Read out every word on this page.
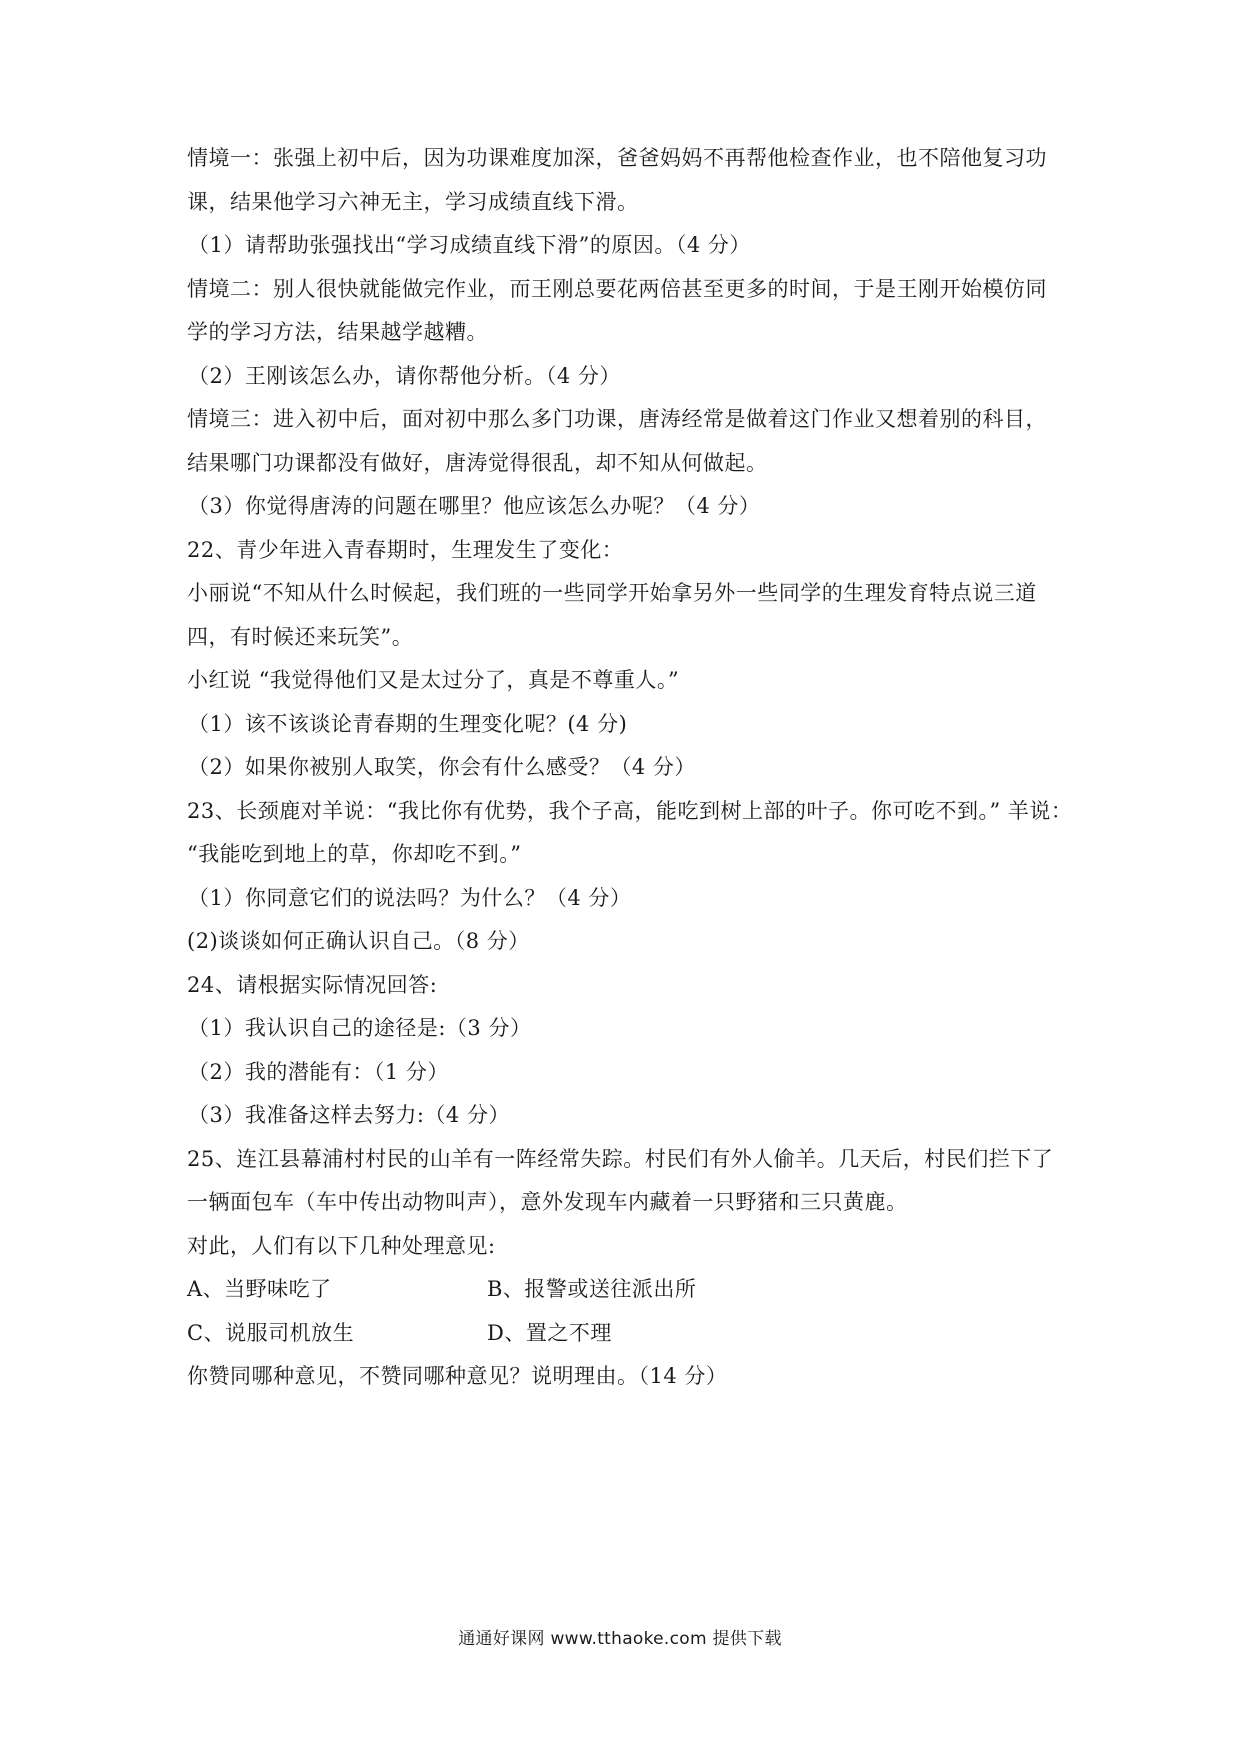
情境一：张强上初中后，因为功课难度加深，爸爸妈妈不再帮他检查作业，也不陪他复习功
课，结果他学习六神无主，学习成绩直线下滑。
（1）请帮助张强找出“学习成绩直线下滑”的原因。（4 分）
情境二：别人很快就能做完作业，而王刚总要花两倍甚至更多的时间，于是王刚开始模仿同
学的学习方法，结果越学越糟。
（2）王刚该怎么办，请你帮他分析。（4 分）
情境三：进入初中后，面对初中那么多门功课，唐涛经常是做着这门作业又想着别的科目，
结果哪门功课都没有做好，唐涛觉得很乱，却不知从何做起。
（3）你觉得唐涛的问题在哪里？他应该怎么办呢？（4 分）
22、青少年进入青春期时，生理发生了变化：
小丽说“不知从什么时候起，我们班的一些同学开始拿另外一些同学的生理发育特点说三道
四，有时候还来玩笑”。
小红说 “我觉得他们又是太过分了，真是不尊重人。”
（1）该不该谈论青春期的生理变化呢？(4 分)
（2）如果你被别人取笑，你会有什么感受？（4 分）
23、长颈鹿对羊说：“我比你有优势，我个子高，能吃到树上部的叶子。你可吃不到。” 羊说：
“我能吃到地上的草，你却吃不到。”
（1）你同意它们的说法吗？为什么？（4 分）
(2)谈谈如何正确认识自己。（8 分）
24、请根据实际情况回答:
（1）我认识自己的途径是:（3 分）
（2）我的潜能有：（1 分）
（3）我准备这样去努力:（4 分）
25、连江县幕浦村村民的山羊有一阵经常失踪。村民们有外人偷羊。几天后，村民们拦下了
一辆面包车（车中传出动物叫声），意外发现车内藏着一只野猪和三只黄鹿。
对此，人们有以下几种处理意见:
A、当野味吃了	B、报警或送往派出所
C、说服司机放生	D、置之不理
你赞同哪种意见，不赞同哪种意见？说明理由。（14 分）
通通好课网 www.tthaoke.com 提供下载
